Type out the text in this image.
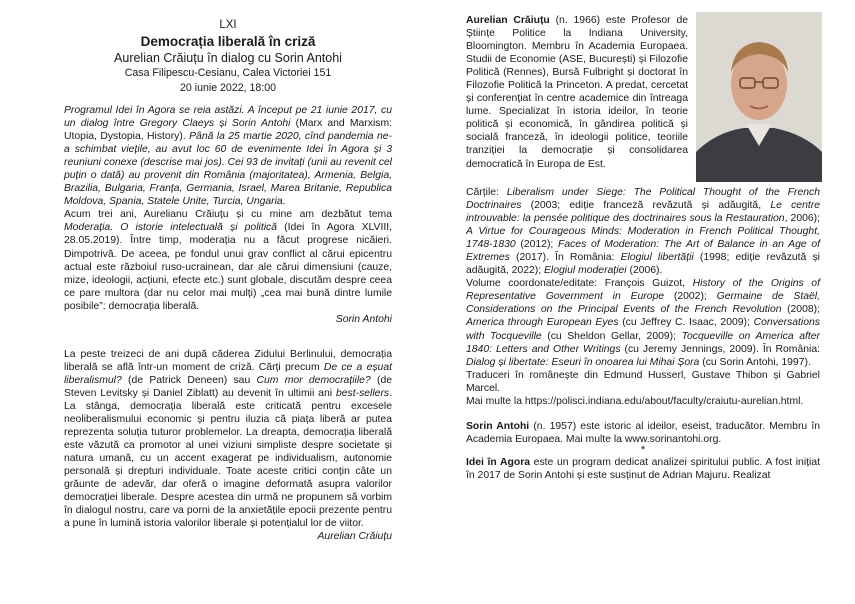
LXI
Democrația liberală în criză
Aurelian Crăiuțu în dialog cu Sorin Antohi
Casa Filipescu-Cesianu, Calea Victoriei 151
20 iunie 2022, 18:00

Programul Idei în Agora se reia astăzi. A început pe 21 iunie 2017, cu un dialog între Gregory Claeys și Sorin Antohi (Marx and Marxism: Utopia, Dystopia, History). Până la 25 martie 2020, cînd pandemia ne-a schimbat viețile, au avut loc 60 de evenimente Idei în Agora și 3 reuniuni conexe (descrise mai jos). Cei 93 de invitați (unii au revenit cel puțin o dată) au provenit din România (majoritatea), Armenia, Belgia, Brazilia, Bulgaria, Franța, Germania, Israel, Marea Britanie, Republica Moldova, Spania, Statele Unite, Turcia, Ungaria.

Acum trei ani, Aurelianu Crăiuțu și cu mine am dezbătut tema Moderația. O istorie intelectuală și politică (Idei în Agora XLVIII, 28.05.2019). Între timp, moderația nu a făcut progrese nicăieri. Dimpotrivă. De aceea, pe fondul unui grav conflict al cărui epicentru actual este războiul ruso-ucrainean, dar ale cărui dimensiuni (cauze, mize, ideologii, acțiuni, efecte etc.) sunt globale, discutăm despre ceea ce pare multora (dar nu celor mai mulți) „cea mai bună dintre lumile posibile”: democrația liberală.

Sorin Antohi

La peste treizeci de ani după căderea Zidului Berlinului, democrația liberală se află într-un moment de criză. Cărți precum De ce a eșuat liberalismul? (de Patrick Deneen) sau Cum mor democrațiile? (de Steven Levitsky și Daniel Ziblatt) au devenit în ultimii ani best-sellers. La stânga, democrația liberală este criticată pentru excesele neoliberalismului economic și pentru iluzia că piața liberă ar putea reprezenta soluția tuturor problemelor. La dreapta, democrația liberală este văzută ca promotor al unei viziuni simpliste despre societate și natura umană, cu un accent exagerat pe individualism, autonomie personală și drepturi individuale. Toate aceste critici conțin câte un grăunte de adevăr, dar oferă o imagine deformată asupra valorilor democrației liberale. Despre acestea din urmă ne propunem să vorbim în dialogul nostru, care va porni de la anxietățile epocii prezente pentru a pune în lumină istoria valorilor liberale și potențialul lor de viitor.

Aurelian Crăiuțu

Aurelian Crăiuțu (n. 1966) este Profesor de Științe Politice la Indiana University, Bloomington. Membru în Academia Europaea. Studii de Economie (ASE, București) și Filozofie Politică (Rennes), Bursă Fulbright și doctorat în Filozofie Politică la Princeton. A predat, cercetat și conferențiat în centre academice din întreaga lume. Specializat în istoria ideilor, în teorie politică și economică, în gândirea politică și socială franceză, în ideologii politice, teoriile tranziției la democrație și consolidarea democratică în Europa de Est.

Cărțile: Liberalism under Siege: The Political Thought of the French Doctrinaires (2003; ediție franceză revăzută și adăugită, Le centre introuvable: la pensée politique des doctrinaires sous la Restauration, 2006); A Virtue for Courageous Minds: Moderation in French Political Thought, 1748-1830 (2012); Faces of Moderation: The Art of Balance in an Age of Extremes (2017). În România: Elogiul libertății (1998; ediție revăzută și adăugită, 2022); Elogiul moderației (2006).

Volume coordonate/editate: François Guizot, History of the Origins of Representative Government in Europe (2002); Germaine de Staël, Considerations on the Principal Events of the French Revolution (2008); America through European Eyes (cu Jeffrey C. Isaac, 2009); Conversations with Tocqueville (cu Sheldon Gellar, 2009); Tocqueville on America after 1840: Letters and Other Writings (cu Jeremy Jennings, 2009). În România: Dialog și libertate: Eseuri în onoarea lui Mihai Șora (cu Sorin Antohi, 1997).

Traduceri în românește din Edmund Husserl, Gustave Thibon și Gabriel Marcel.

Mai multe la https://polisci.indiana.edu/about/faculty/craiutu-aurelian.html.

Sorin Antohi (n. 1957) este istoric al ideilor, eseist, traducător. Membru în Academia Europaea. Mai multe la www.sorinantohi.org.

*

Idei în Agora este un program dedicat analizei spiritului public. A fost inițiat în 2017 de Sorin Antohi și este susținut de Adrian Majuru. Realizat
